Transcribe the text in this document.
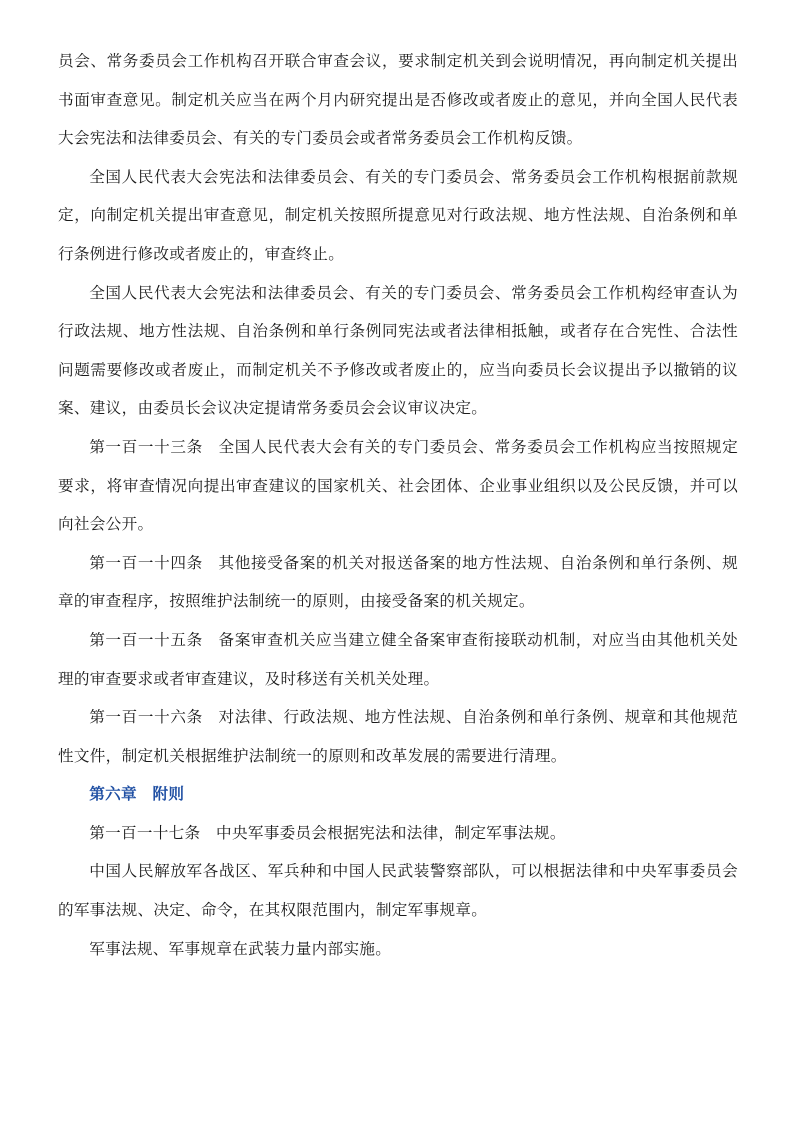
员会、常务委员会工作机构召开联合审查会议，要求制定机关到会说明情况，再向制定机关提出书面审查意见。制定机关应当在两个月内研究提出是否修改或者废止的意见，并向全国人民代表大会宪法和法律委员会、有关的专门委员会或者常务委员会工作机构反馈。

全国人民代表大会宪法和法律委员会、有关的专门委员会、常务委员会工作机构根据前款规定，向制定机关提出审查意见，制定机关按照所提意见对行政法规、地方性法规、自治条例和单行条例进行修改或者废止的，审查终止。

全国人民代表大会宪法和法律委员会、有关的专门委员会、常务委员会工作机构经审查认为行政法规、地方性法规、自治条例和单行条例同宪法或者法律相抵触，或者存在合宪性、合法性问题需要修改或者废止，而制定机关不予修改或者废止的，应当向委员长会议提出予以撤销的议案、建议，由委员长会议决定提请常务委员会会议审议决定。

第一百一十三条 全国人民代表大会有关的专门委员会、常务委员会工作机构应当按照规定要求，将审查情况向提出审查建议的国家机关、社会团体、企业事业组织以及公民反馈，并可以向社会公开。

第一百一十四条 其他接受备案的机关对报送备案的地方性法规、自治条例和单行条例、规章的审查程序，按照维护法制统一的原则，由接受备案的机关规定。

第一百一十五条 备案审查机关应当建立健全备案审查衔接联动机制，对应当由其他机关处理的审查要求或者审查建议，及时移送有关机关处理。

第一百一十六条 对法律、行政法规、地方性法规、自治条例和单行条例、规章和其他规范性文件，制定机关根据维护法制统一的原则和改革发展的需要进行清理。

第六章 附则

第一百一十七条 中央军事委员会根据宪法和法律，制定军事法规。

中国人民解放军各战区、军兵种和中国人民武装警察部队，可以根据法律和中央军事委员会的军事法规、决定、命令，在其权限范围内，制定军事规章。

军事法规、军事规章在武装力量内部实施。
